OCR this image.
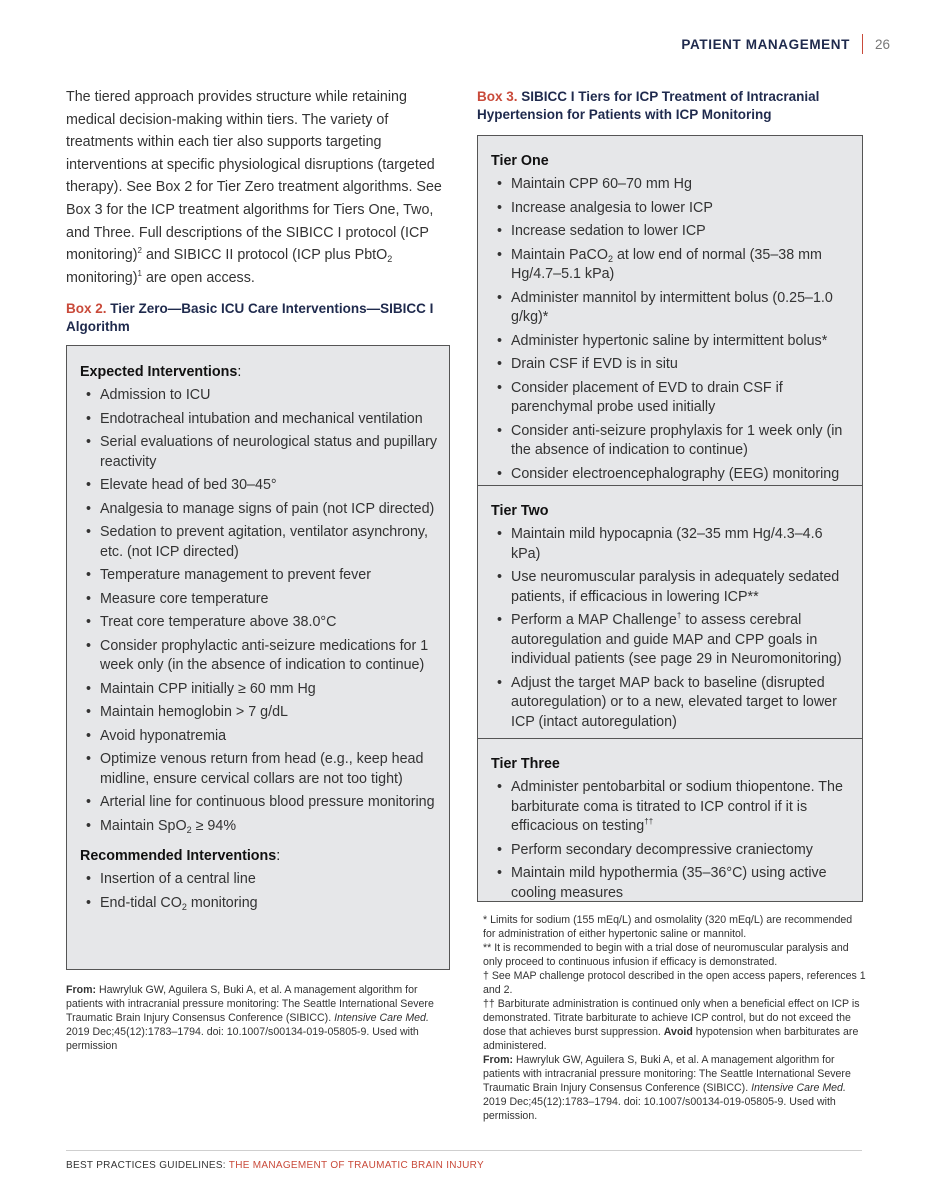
PATIENT MANAGEMENT 26
The tiered approach provides structure while retaining medical decision-making within tiers. The variety of treatments within each tier also supports targeting interventions at specific physiological disruptions (targeted therapy). See Box 2 for Tier Zero treatment algorithms. See Box 3 for the ICP treatment algorithms for Tiers One, Two, and Three. Full descriptions of the SIBICC I protocol (ICP monitoring)$^2$ and SIBICC II protocol (ICP plus PbtO$_2$ monitoring)$^1$ are open access.
Box 2. Tier Zero—Basic ICU Care Interventions—SIBICC I Algorithm
Expected Interventions:
• Admission to ICU
• Endotracheal intubation and mechanical ventilation
• Serial evaluations of neurological status and pupillary reactivity
• Elevate head of bed 30–45°
• Analgesia to manage signs of pain (not ICP directed)
• Sedation to prevent agitation, ventilator asynchrony, etc. (not ICP directed)
• Temperature management to prevent fever
• Measure core temperature
• Treat core temperature above 38.0°C
• Consider prophylactic anti-seizure medications for 1 week only (in the absence of indication to continue)
• Maintain CPP initially ≥ 60 mm Hg
• Maintain hemoglobin > 7 g/dL
• Avoid hyponatremia
• Optimize venous return from head (e.g., keep head midline, ensure cervical collars are not too tight)
• Arterial line for continuous blood pressure monitoring
• Maintain SpO$_2$ ≥ 94%
Recommended Interventions:
• Insertion of a central line
• End-tidal $CO_2$ monitoring
From: Hawryluk GW, Aguilera S, Buki A, et al. A management algorithm for patients with intracranial pressure monitoring: The Seattle International Severe Traumatic Brain Injury Consensus Conference (SIBICC). Intensive Care Med. 2019 Dec;45(12):1783–1794. doi: 10.1007/s00134-019-05805-9. Used with permission
Box 3. SIBICC I Tiers for ICP Treatment of Intracranial Hypertension for Patients with ICP Monitoring
Tier One
• Maintain CPP 60–70 mm Hg
• Increase analgesia to lower ICP
• Increase sedation to lower ICP
• Maintain PaCO$_2$ at low end of normal (35–38 mm Hg/4.7–5.1 kPa)
• Administer mannitol by intermittent bolus (0.25–1.0 g/kg)*
• Administer hypertonic saline by intermittent bolus*
• Drain CSF if EVD is in situ
• Consider placement of EVD to drain CSF if parenchymal probe used initially
• Consider anti-seizure prophylaxis for 1 week only (in the absence of indication to continue)
• Consider electroencephalography (EEG) monitoring
Tier Two
• Maintain mild hypocapnia (32–35 mm Hg/4.3–4.6 kPa)
• Use neuromuscular paralysis in adequately sedated patients, if efficacious in lowering ICP**
• Perform a MAP Challenge† to assess cerebral autoregulation and guide MAP and CPP goals in individual patients (see page 29 in Neuromonitoring)
• Adjust the target MAP back to baseline (disrupted autoregulation) or to a new, elevated target to lower ICP (intact autoregulation)
Tier Three
• Administer pentobarbital or sodium thiopentone. The barbiturate coma is titrated to ICP control if it is efficacious on testing††
• Perform secondary decompressive craniectomy
• Maintain mild hypothermia (35–36°C) using active cooling measures
* Limits for sodium (155 mEq/L) and osmolality (320 mEq/L) are recommended for administration of either hypertonic saline or mannitol.
** It is recommended to begin with a trial dose of neuromuscular paralysis and only proceed to continuous infusion if efficacy is demonstrated.
† See MAP challenge protocol described in the open access papers, references 1 and 2.
†† Barbiturate administration is continued only when a beneficial effect on ICP is demonstrated. Titrate barbiturate to achieve ICP control, but do not exceed the dose that achieves burst suppression. Avoid hypotension when barbiturates are administered.
From: Hawryluk GW, Aguilera S, Buki A, et al. A management algorithm for patients with intracranial pressure monitoring: The Seattle International Severe Traumatic Brain Injury Consensus Conference (SIBICC). Intensive Care Med. 2019 Dec;45(12):1783–1794. doi: 10.1007/s00134-019-05805-9. Used with permission.
BEST PRACTICES GUIDELINES: THE MANAGEMENT OF TRAUMATIC BRAIN INJURY
